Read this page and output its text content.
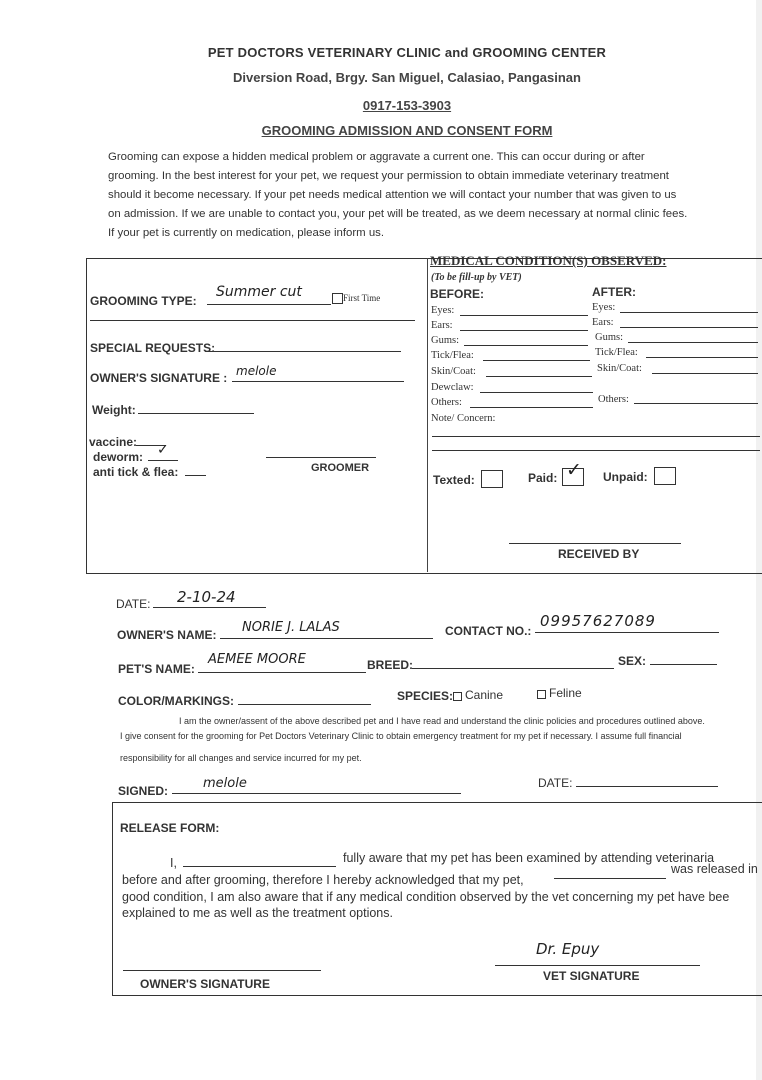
PET DOCTORS VETERINARY CLINIC and GROOMING CENTER
Diversion Road, Brgy. San Miguel, Calasiao, Pangasinan
0917-153-3903
GROOMING ADMISSION AND CONSENT FORM
Grooming can expose a hidden medical problem or aggravate a current one. This can occur during or after
grooming. In the best interest for your pet, we request your permission to obtain immediate veterinary treatment
should it become necessary. If your pet needs medical attention we will contact your number that was given to us
on admission. If we are unable to contact you, your pet will be treated, as we deem necessary at normal clinic fees.
If your pet is currently on medication, please inform us.
GROOMING TYPE:
Summer cut	First Time
SPECIAL REQUESTS:
OWNER'S SIGNATURE : melole
Weight:
vaccine:
deworm: ✓
anti tick & flea:	GROOMER
MEDICAL CONDITION(S) OBSERVED:
(To be fill-up by VET)
BEFORE:	AFTER:
Eyes:
Ears:
Gums:
Tick/Flea:
Skin/Coat:
Dewclaw:
Others:
Eyes:
Ears:
Gums:
Tick/Flea:
Skin/Coat:
Others:
Note/ Concern:
Texted:	Paid: ✓ Unpaid:
RECEIVED BY
DATE: 2-10-24
OWNER'S NAME: NORIE J. LALAS	CONTACT NO.:
09957627089
PET'S NAME:
AEMEE MOORE	BREED:	SEX:
COLOR/MARKINGS:	SPECIES: Canine	Feline
I am the owner/assent of the above described pet and I have read and understand the clinic policies and procedures outlined above.
I give consent for the grooming for Pet Doctors Veterinary Clinic to obtain emergency treatment for my pet if necessary. I assume full financial
responsibility for all changes and service incurred for my pet.
SIGNED:	melole	DATE:
RELEASE FORM:
I,	fully aware that my pet has been examined by attending veterinaria
before and after grooming, therefore I hereby acknowledged that my pet,
was released in
good condition, I am also aware that if any medical condition observed by the vet concerning my pet have bee
explained to me as well as the treatment options.
Dr. Epuy
VET SIGNATURE
OWNER'S SIGNATURE
